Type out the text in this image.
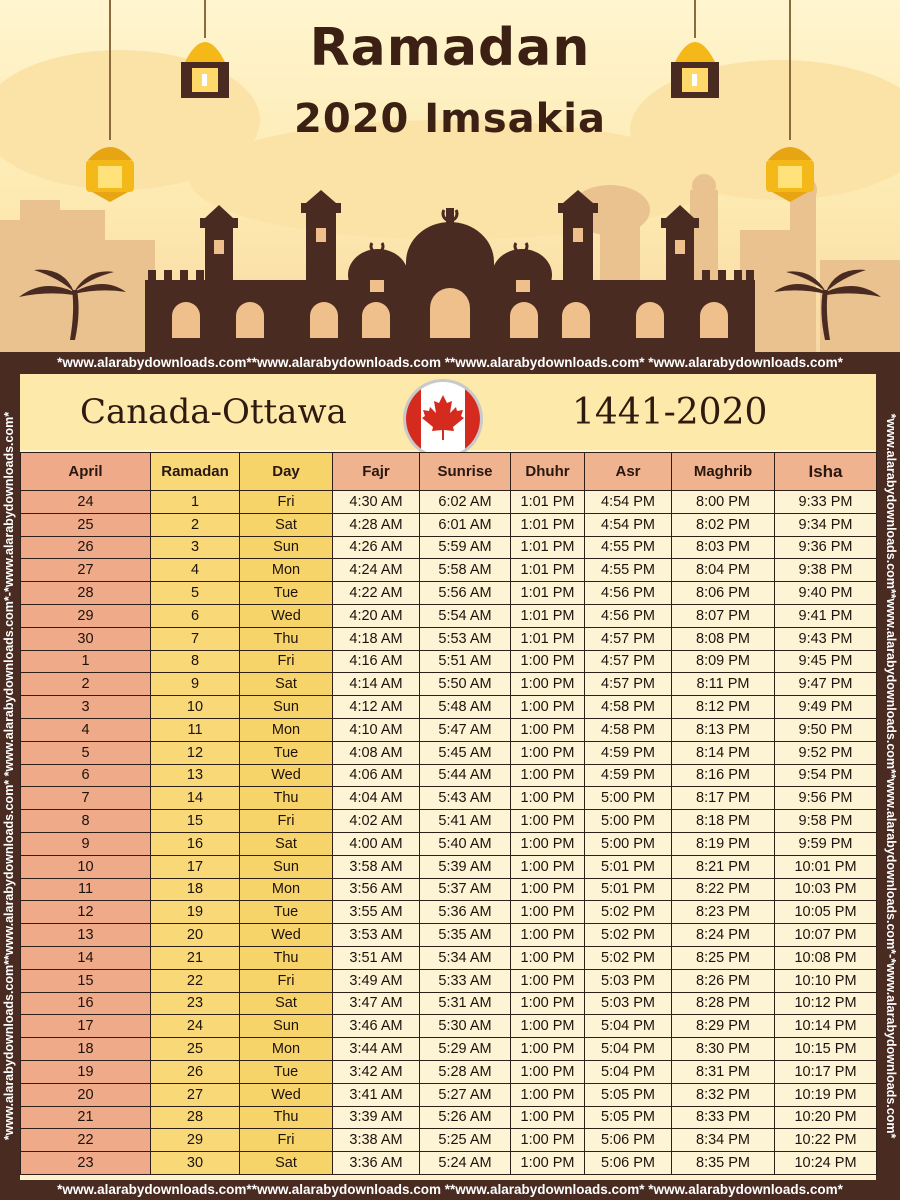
Ramadan
2020 Imsakia
*www.alarabydownloads.com**www.alarabydownloads.com **www.alarabydownloads.com* *www.alarabydownloads.com*
*www.alarabydownloads.com**www.alarabydownloads.com **www.alarabydownloads.com* *www.alarabydownloads.com*
*www.alarabydownloads.com**www.alarabydownloads.com* *www.alarabydownloads.com*-*www.alarabydownloads.com*	*www.alarabydownloads.com**www.alarabydownloads.com**www.alarabydownloads.com*-*www.alarabydownloads.com*
Canada-Ottawa	1441-2020
April	Ramadan	Day	Fajr	Sunrise	Dhuhr	Asr	Maghrib	Isha
24	1	Fri	4:30 AM	6:02 AM	1:01 PM	4:54 PM	8:00 PM	9:33 PM
25	2	Sat	4:28 AM	6:01 AM	1:01 PM	4:54 PM	8:02 PM	9:34 PM
26	3	Sun	4:26 AM	5:59 AM	1:01 PM	4:55 PM	8:03 PM	9:36 PM
27	4	Mon	4:24 AM	5:58 AM	1:01 PM	4:55 PM	8:04 PM	9:38 PM
28	5	Tue	4:22 AM	5:56 AM	1:01 PM	4:56 PM	8:06 PM	9:40 PM
29	6	Wed	4:20 AM	5:54 AM	1:01 PM	4:56 PM	8:07 PM	9:41 PM
30	7	Thu	4:18 AM	5:53 AM	1:01 PM	4:57 PM	8:08 PM	9:43 PM
1	8	Fri	4:16 AM	5:51 AM	1:00 PM	4:57 PM	8:09 PM	9:45 PM
2	9	Sat	4:14 AM	5:50 AM	1:00 PM	4:57 PM	8:11 PM	9:47 PM
3	10	Sun	4:12 AM	5:48 AM	1:00 PM	4:58 PM	8:12 PM	9:49 PM
4	11	Mon	4:10 AM	5:47 AM	1:00 PM	4:58 PM	8:13 PM	9:50 PM
5	12	Tue	4:08 AM	5:45 AM	1:00 PM	4:59 PM	8:14 PM	9:52 PM
6	13	Wed	4:06 AM	5:44 AM	1:00 PM	4:59 PM	8:16 PM	9:54 PM
7	14	Thu	4:04 AM	5:43 AM	1:00 PM	5:00 PM	8:17 PM	9:56 PM
8	15	Fri	4:02 AM	5:41 AM	1:00 PM	5:00 PM	8:18 PM	9:58 PM
9	16	Sat	4:00 AM	5:40 AM	1:00 PM	5:00 PM	8:19 PM	9:59 PM
10	17	Sun	3:58 AM	5:39 AM	1:00 PM	5:01 PM	8:21 PM	10:01 PM
11	18	Mon	3:56 AM	5:37 AM	1:00 PM	5:01 PM	8:22 PM	10:03 PM
12	19	Tue	3:55 AM	5:36 AM	1:00 PM	5:02 PM	8:23 PM	10:05 PM
13	20	Wed	3:53 AM	5:35 AM	1:00 PM	5:02 PM	8:24 PM	10:07 PM
14	21	Thu	3:51 AM	5:34 AM	1:00 PM	5:02 PM	8:25 PM	10:08 PM
15	22	Fri	3:49 AM	5:33 AM	1:00 PM	5:03 PM	8:26 PM	10:10 PM
16	23	Sat	3:47 AM	5:31 AM	1:00 PM	5:03 PM	8:28 PM	10:12 PM
17	24	Sun	3:46 AM	5:30 AM	1:00 PM	5:04 PM	8:29 PM	10:14 PM
18	25	Mon	3:44 AM	5:29 AM	1:00 PM	5:04 PM	8:30 PM	10:15 PM
19	26	Tue	3:42 AM	5:28 AM	1:00 PM	5:04 PM	8:31 PM	10:17 PM
20	27	Wed	3:41 AM	5:27 AM	1:00 PM	5:05 PM	8:32 PM	10:19 PM
21	28	Thu	3:39 AM	5:26 AM	1:00 PM	5:05 PM	8:33 PM	10:20 PM
22	29	Fri	3:38 AM	5:25 AM	1:00 PM	5:06 PM	8:34 PM	10:22 PM
23	30	Sat	3:36 AM	5:24 AM	1:00 PM	5:06 PM	8:35 PM	10:24 PM
